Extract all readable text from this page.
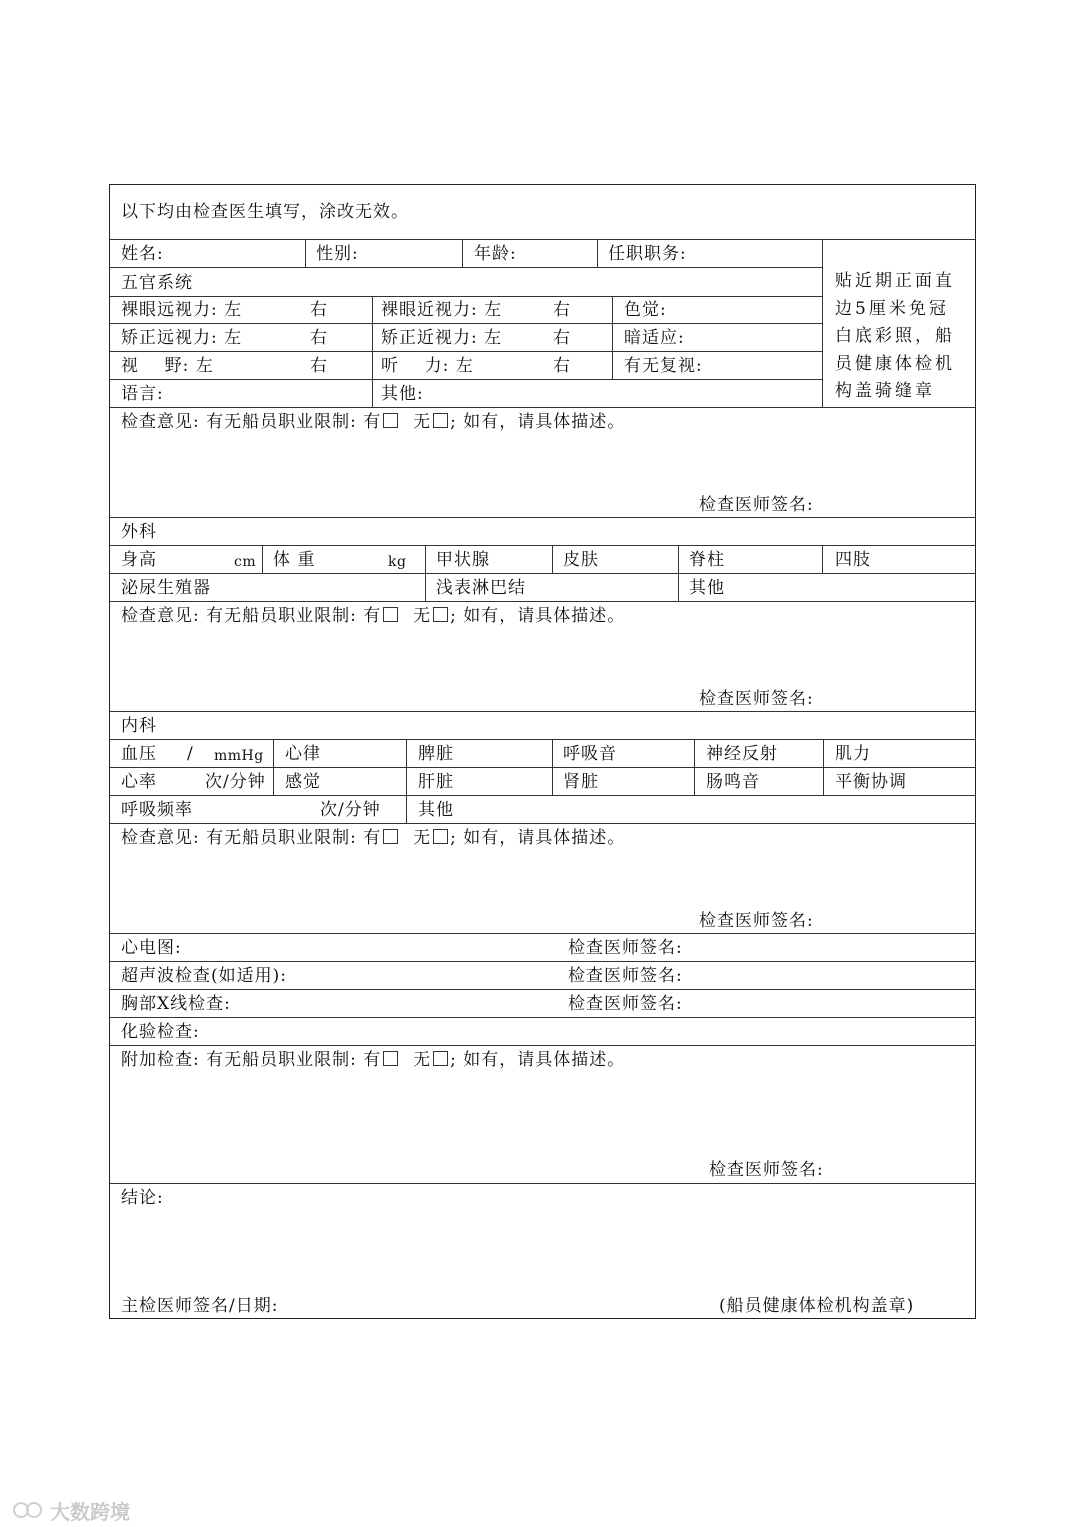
以下均由检查医生填写，涂改无效。
姓名:	性别:	年龄:	任职职务:
贴近期正面直边5厘米免冠白底彩照，船员健康体检机构盖骑缝章
五官系统
裸眼远视力: 左	右	裸眼近视力: 左	右	色觉:
矫正远视力: 左	右	矫正近视力: 左	右	暗适应:
视    野: 左	右	听    力: 左	右	有无复视:
语言:	其他:
检查意见: 有无船员职业限制: 有 无 ; 如有，请具体描述。
检查医师签名:
外科
身高	cm 体 重	kg 甲状腺	皮肤	脊柱	四肢
泌尿生殖器	浅表淋巴结	其他
检查意见: 有无船员职业限制: 有 无 ; 如有，请具体描述。
检查医师签名:
内科
血压 / mmHg 心律	脾脏	呼吸音	神经反射	肌力
心率	次/分钟 感觉	肝脏	肾脏	肠鸣音	平衡协调
呼吸频率	次/分钟 其他
检查意见: 有无船员职业限制: 有 无 ; 如有，请具体描述。
检查医师签名:
心电图:	检查医师签名:
超声波检查(如适用):	检查医师签名:
胸部X线检查:	检查医师签名:
化验检查:
附加检查: 有无船员职业限制: 有 无 ; 如有，请具体描述。
检查医师签名:
结论:
主检医师签名/日期:	(船员健康体检机构盖章)
大数跨境
